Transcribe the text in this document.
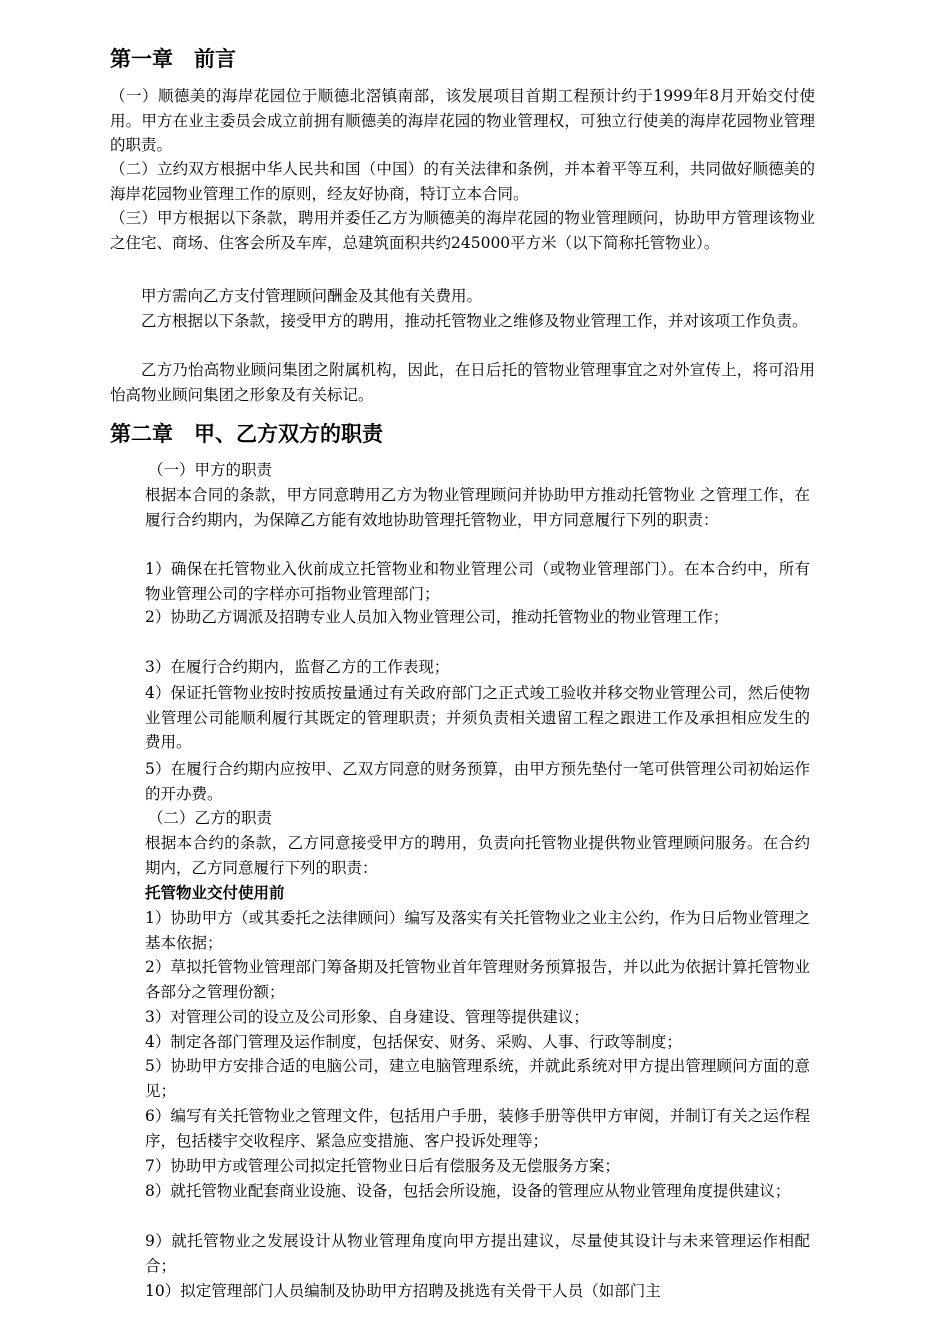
第一章　前言
（一）顺德美的海岸花园位于顺德北滘镇南部，该发展项目首期工程预计约于1999年8月开始交付使用。甲方在业主委员会成立前拥有顺德美的海岸花园的物业管理权，可独立行使美的海岸花园物业管理的职责。
（二）立约双方根据中华人民共和国（中国）的有关法律和条例，并本着平等互利，共同做好顺德美的海岸花园物业管理工作的原则，经友好协商，特订立本合同。
（三）甲方根据以下条款，聘用并委任乙方为顺德美的海岸花园的物业管理顾问，协助甲方管理该物业之住宅、商场、住客会所及车库，总建筑面积共约245000平方米（以下简称托管物业）。
甲方需向乙方支付管理顾问酬金及其他有关费用。
乙方根据以下条款，接受甲方的聘用，推动托管物业之维修及物业管理工作，并对该项工作负责。
乙方乃怡高物业顾问集团之附属机构，因此，在日后托的管物业管理事宜之对外宣传上，将可沿用怡高物业顾问集团之形象及有关标记。
第二章　甲、乙方双方的职责
（一）甲方的职责
根据本合同的条款，甲方同意聘用乙方为物业管理顾问并协助甲方推动托管物业 之管理工作，在履行合约期内，为保障乙方能有效地协助管理托管物业，甲方同意履行下列的职责：
1）确保在托管物业入伙前成立托管物业和物业管理公司（或物业管理部门）。在本合约中，所有物业管理公司的字样亦可指物业管理部门；
2）协助乙方调派及招聘专业人员加入物业管理公司，推动托管物业的物业管理工作；
3）在履行合约期内，监督乙方的工作表现；
4）保证托管物业按时按质按量通过有关政府部门之正式竣工验收并移交物业管理公司，然后使物业管理公司能顺利履行其既定的管理职责；并须负责相关遗留工程之跟进工作及承担相应发生的费用。
5）在履行合约期内应按甲、乙双方同意的财务预算，由甲方预先垫付一笔可供管理公司初始运作的开办费。
（二）乙方的职责
根据本合约的条款，乙方同意接受甲方的聘用，负责向托管物业提供物业管理顾问服务。在合约期内，乙方同意履行下列的职责：
托管物业交付使用前
1）协助甲方（或其委托之法律顾问）编写及落实有关托管物业之业主公约，作为日后物业管理之基本依据；
2）草拟托管物业管理部门筹备期及托管物业首年管理财务预算报告，并以此为依据计算托管物业各部分之管理份额；
3）对管理公司的设立及公司形象、自身建设、管理等提供建议；
4）制定各部门管理及运作制度，包括保安、财务、采购、人事、行政等制度；
5）协助甲方安排合适的电脑公司，建立电脑管理系统，并就此系统对甲方提出管理顾问方面的意见；
6）编写有关托管物业之管理文件，包括用户手册，装修手册等供甲方审阅，并制订有关之运作程序，包括楼宇交收程序、紧急应变措施、客户投诉处理等；
7）协助甲方或管理公司拟定托管物业日后有偿服务及无偿服务方案；
8）就托管物业配套商业设施、设备，包括会所设施，设备的管理应从物业管理角度提供建议；
9）就托管物业之发展设计从物业管理角度向甲方提出建议，尽量使其设计与未来管理运作相配合；
10）拟定管理部门人员编制及协助甲方招聘及挑选有关骨干人员（如部门主
